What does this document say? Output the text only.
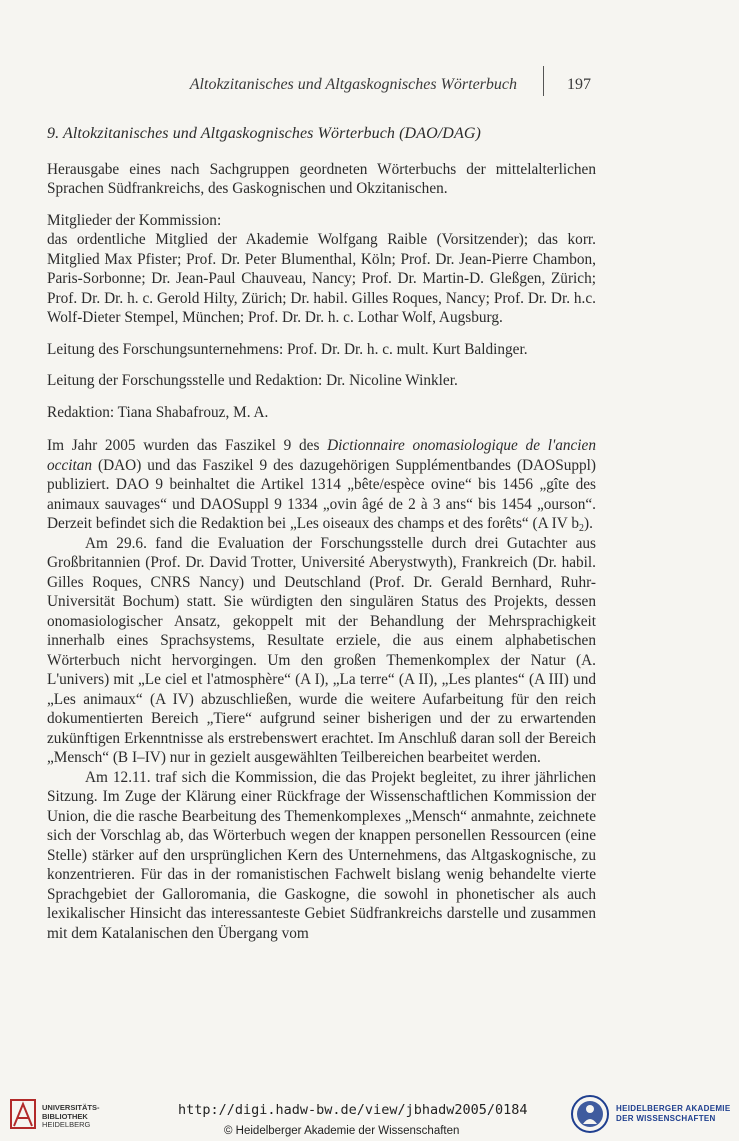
Altokzitanisches und Altgaskognisches Wörterbuch	197

9. Altokzitanisches und Altgaskognisches Wörterbuch (DAO/DAG)

Herausgabe eines nach Sachgruppen geordneten Wörterbuchs der mittelalterlichen Sprachen Südfrankreichs, des Gaskognischen und Okzitanischen.

Mitglieder der Kommission:

das ordentliche Mitglied der Akademie Wolfgang Raible (Vorsitzender); das korr. Mitglied Max Pfister; Prof. Dr. Peter Blumenthal, Köln; Prof. Dr. Jean-Pierre Chambon, Paris-Sorbonne; Dr. Jean-Paul Chauveau, Nancy; Prof. Dr. Martin-D. Gleßgen, Zürich; Prof. Dr. Dr. h. c. Gerold Hilty, Zürich; Dr. habil. Gilles Roques, Nancy; Prof. Dr. Dr. h.c. Wolf-Dieter Stempel, München; Prof. Dr. Dr. h. c. Lothar Wolf, Augsburg.

Leitung des Forschungsunternehmens: Prof. Dr. Dr. h. c. mult. Kurt Baldinger.

Leitung der Forschungsstelle und Redaktion: Dr. Nicoline Winkler.

Redaktion: Tiana Shabafrouz, M. A.

Im Jahr 2005 wurden das Faszikel 9 des Dictionnaire onomasiologique de l'ancien occitan (DAO) und das Faszikel 9 des dazugehörigen Supplémentbandes (DAOSuppl) publiziert. DAO 9 beinhaltet die Artikel 1314 „bête/espèce ovine“ bis 1456 „gîte des animaux sauvages“ und DAOSuppl 9 1334 „ovin âgé de 2 à 3 ans“ bis 1454 „ourson“. Derzeit befindet sich die Redaktion bei „Les oiseaux des champs et des forêts“ (A IV $b_2$).

Am 29.6. fand die Evaluation der Forschungsstelle durch drei Gutachter aus Großbritannien (Prof. Dr. David Trotter, Université Aberystwyth), Frankreich (Dr. habil. Gilles Roques, CNRS Nancy) und Deutschland (Prof. Dr. Gerald Bernhard, Ruhr-Universität Bochum) statt. Sie würdigten den singulären Status des Projekts, dessen onomasiologischer Ansatz, gekoppelt mit der Behandlung der Mehrsprachigkeit innerhalb eines Sprachsystems, Resultate erziele, die aus einem alphabetischen Wörterbuch nicht hervorgingen. Um den großen Themenkomplex der Natur (A. L'univers) mit „Le ciel et l'atmosphère“ (A I), „La terre“ (A II), „Les plantes“ (A III) und „Les animaux“ (A IV) abzuschließen, wurde die weitere Aufarbeitung für den reich dokumentierten Bereich „Tiere“ aufgrund seiner bisherigen und der zu erwartenden zukünftigen Erkenntnisse als erstrebenswert erachtet. Im Anschluß daran soll der Bereich „Mensch“ (B I–IV) nur in gezielt ausgewählten Teilbereichen bearbeitet werden.

Am 12.11. traf sich die Kommission, die das Projekt begleitet, zu ihrer jährlichen Sitzung. Im Zuge der Klärung einer Rückfrage der Wissenschaftlichen Kommission der Union, die die rasche Bearbeitung des Themenkomplexes „Mensch“ anmahnte, zeichnete sich der Vorschlag ab, das Wörterbuch wegen der knappen personellen Ressourcen (eine Stelle) stärker auf den ursprünglichen Kern des Unternehmens, das Altgaskognische, zu konzentrieren. Für das in der romanistischen Fachwelt bislang wenig behandelte vierte Sprachgebiet der Galloromania, die Gaskogne, die sowohl in phonetischer als auch lexikalischer Hinsicht das interessanteste Gebiet Südfrankreichs darstelle und zusammen mit dem Katalanischen den Übergang vom

UNIVERSITÄTS-
BIBLIOTHEK
HEIDELBERG
http://digi.hadw-bw.de/view/jbhadw2005/0184
© Heidelberger Akademie der Wissenschaften
HEIDELBERGER AKADEMIE
DER WISSENSCHAFTEN
